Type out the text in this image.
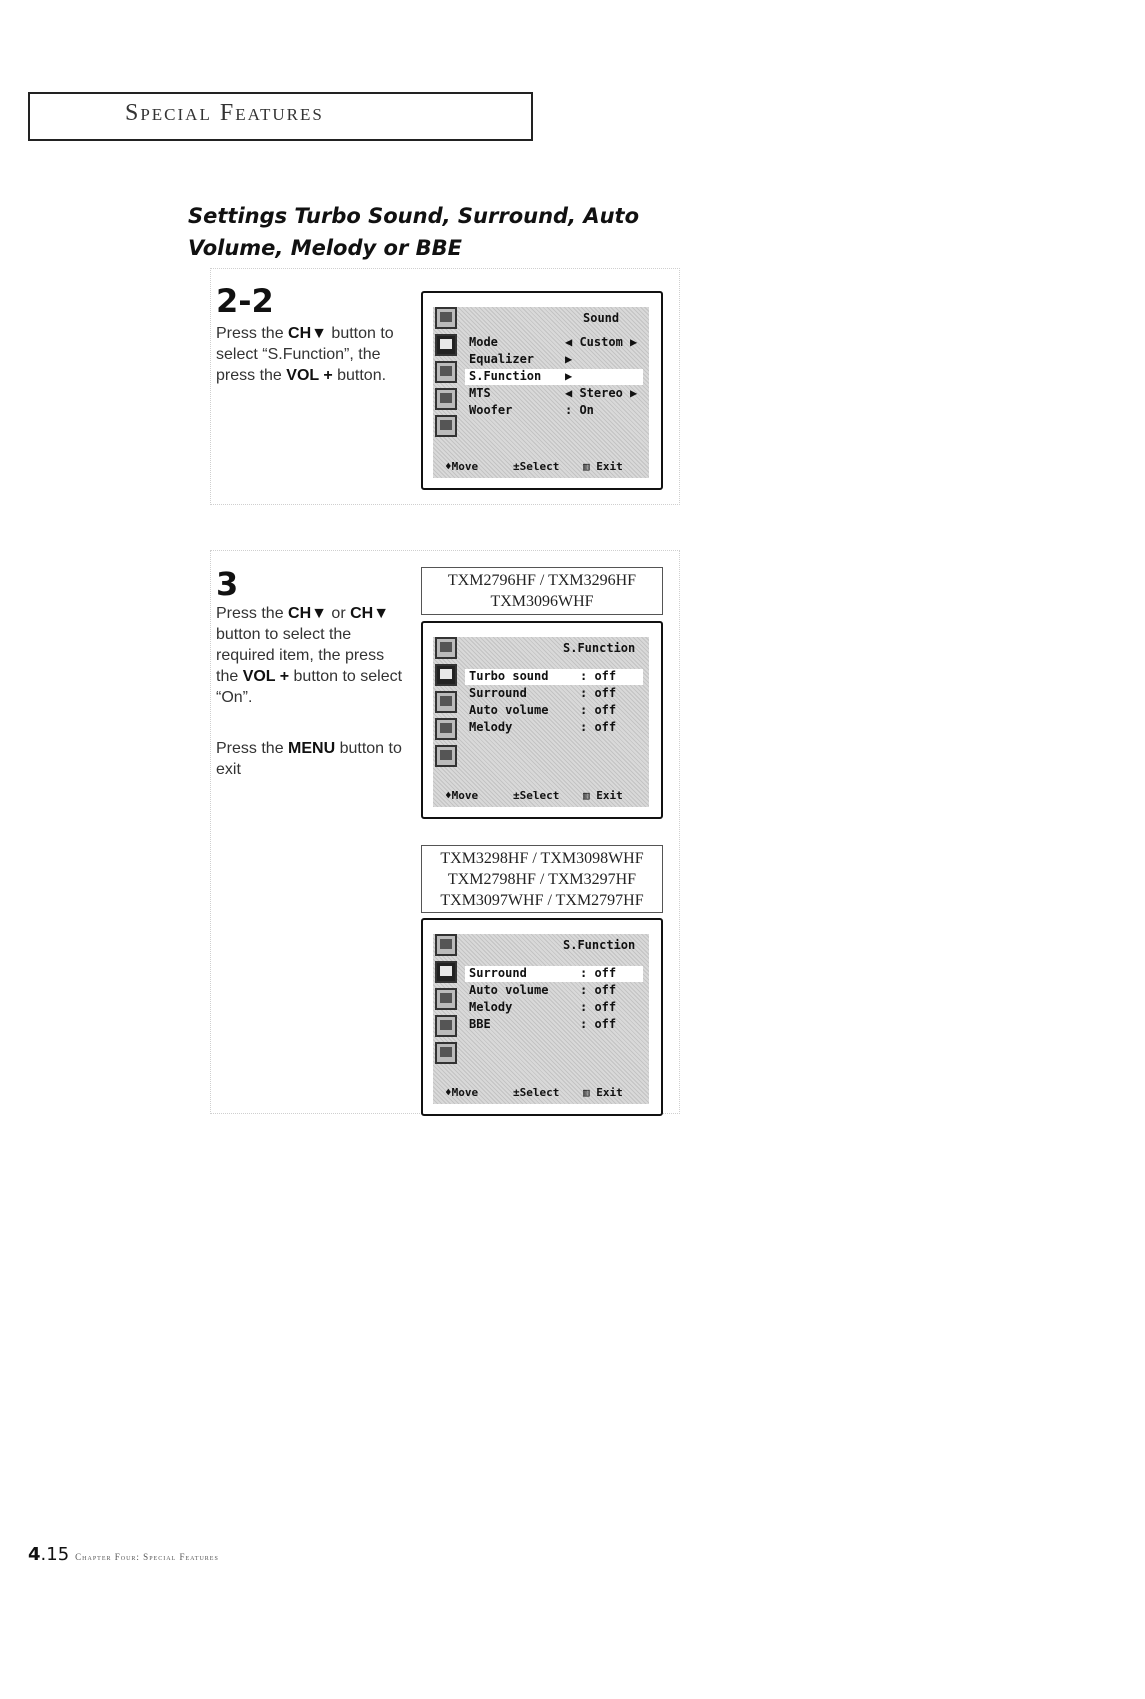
Special Features
Settings Turbo Sound, Surround, Auto Volume, Melody or BBE
2-2
Press the CH▼ button to select “S.Function”, the press the VOL + button.
Sound
Mode	◀ Custom ▶
Equalizer	▶
S.Function ▶
MTS	◀ Stereo ▶
Woofer	: On
♦Move	±Select ▥ Exit
3
Press the CH▼ or CH▼ button to select the required item, the press the VOL + button to select “On”.
Press the MENU button to exit
TXM2796HF / TXM3296HF
TXM3096WHF
S.Function
Turbo sound	: off
Surround	: off
Auto volume	: off
Melody	: off
♦Move	±Select ▥ Exit
TXM3298HF / TXM3098WHF
TXM2798HF / TXM3297HF
TXM3097WHF / TXM2797HF
S.Function
Surround	: off
Auto volume	: off
Melody	: off
BBE	: off
♦Move	±Select ▥ Exit
4.15 Chapter Four: Special Features
